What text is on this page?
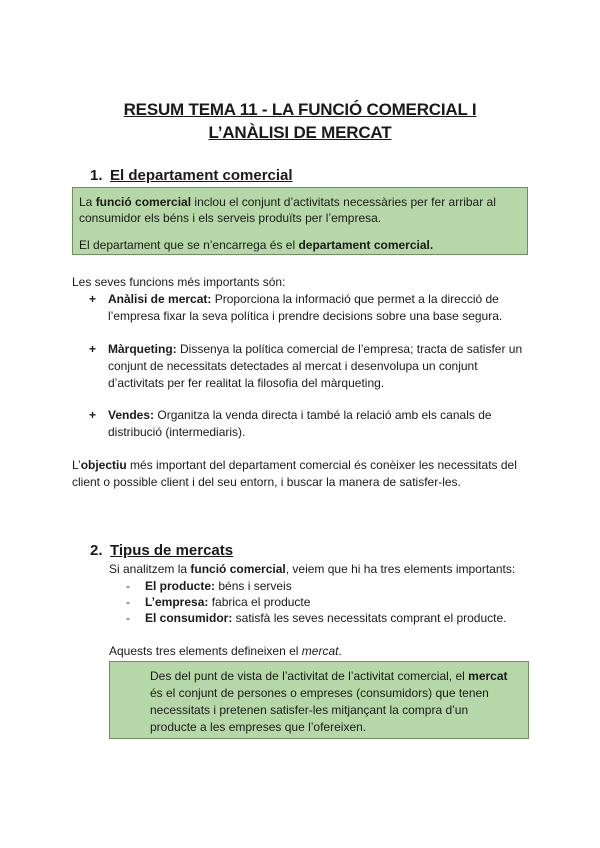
RESUM TEMA 11 - LA FUNCIÓ COMERCIAL I
L’ANÀLISI DE MERCAT
1. El departament comercial

La funció comercial inclou el conjunt d’activitats necessàries per fer arribar al consumidor els béns i els serveis produïts per l’empresa.

El departament que se n’encarrega és el departament comercial.

Les seves funcions més importants són:

+ Anàlisi de mercat: Proporciona la informació que permet a la direcció de l’empresa fixar la seva política i prendre decisions sobre una base segura.
+ Màrqueting: Dissenya la política comercial de l’empresa; tracta de satisfer un conjunt de necessitats detectades al mercat i desenvolupa un conjunt d’activitats per fer realitat la filosofia del màrqueting.
+ Vendes: Organitza la venda directa i també la relació amb els canals de distribució (intermediaris).

L’objectiu més important del departament comercial és conèixer les necessitats del client o possible client i del seu entorn, i buscar la manera de satisfer-les.

2. Tipus de mercats

Si analitzem la funció comercial, veiem que hi ha tres elements importants:

- El producte: béns i serveis
- L’empresa: fabrica el producte
- El consumidor: satisfà les seves necessitats comprant el producte.

Aquests tres elements defineixen el mercat.

Des del punt de vista de l’activitat de l’activitat comercial, el mercat és el conjunt de persones o empreses (consumidors) que tenen necessitats i pretenen satisfer-les mitjançant la compra d’un producte a les empreses que l’ofereixen.
